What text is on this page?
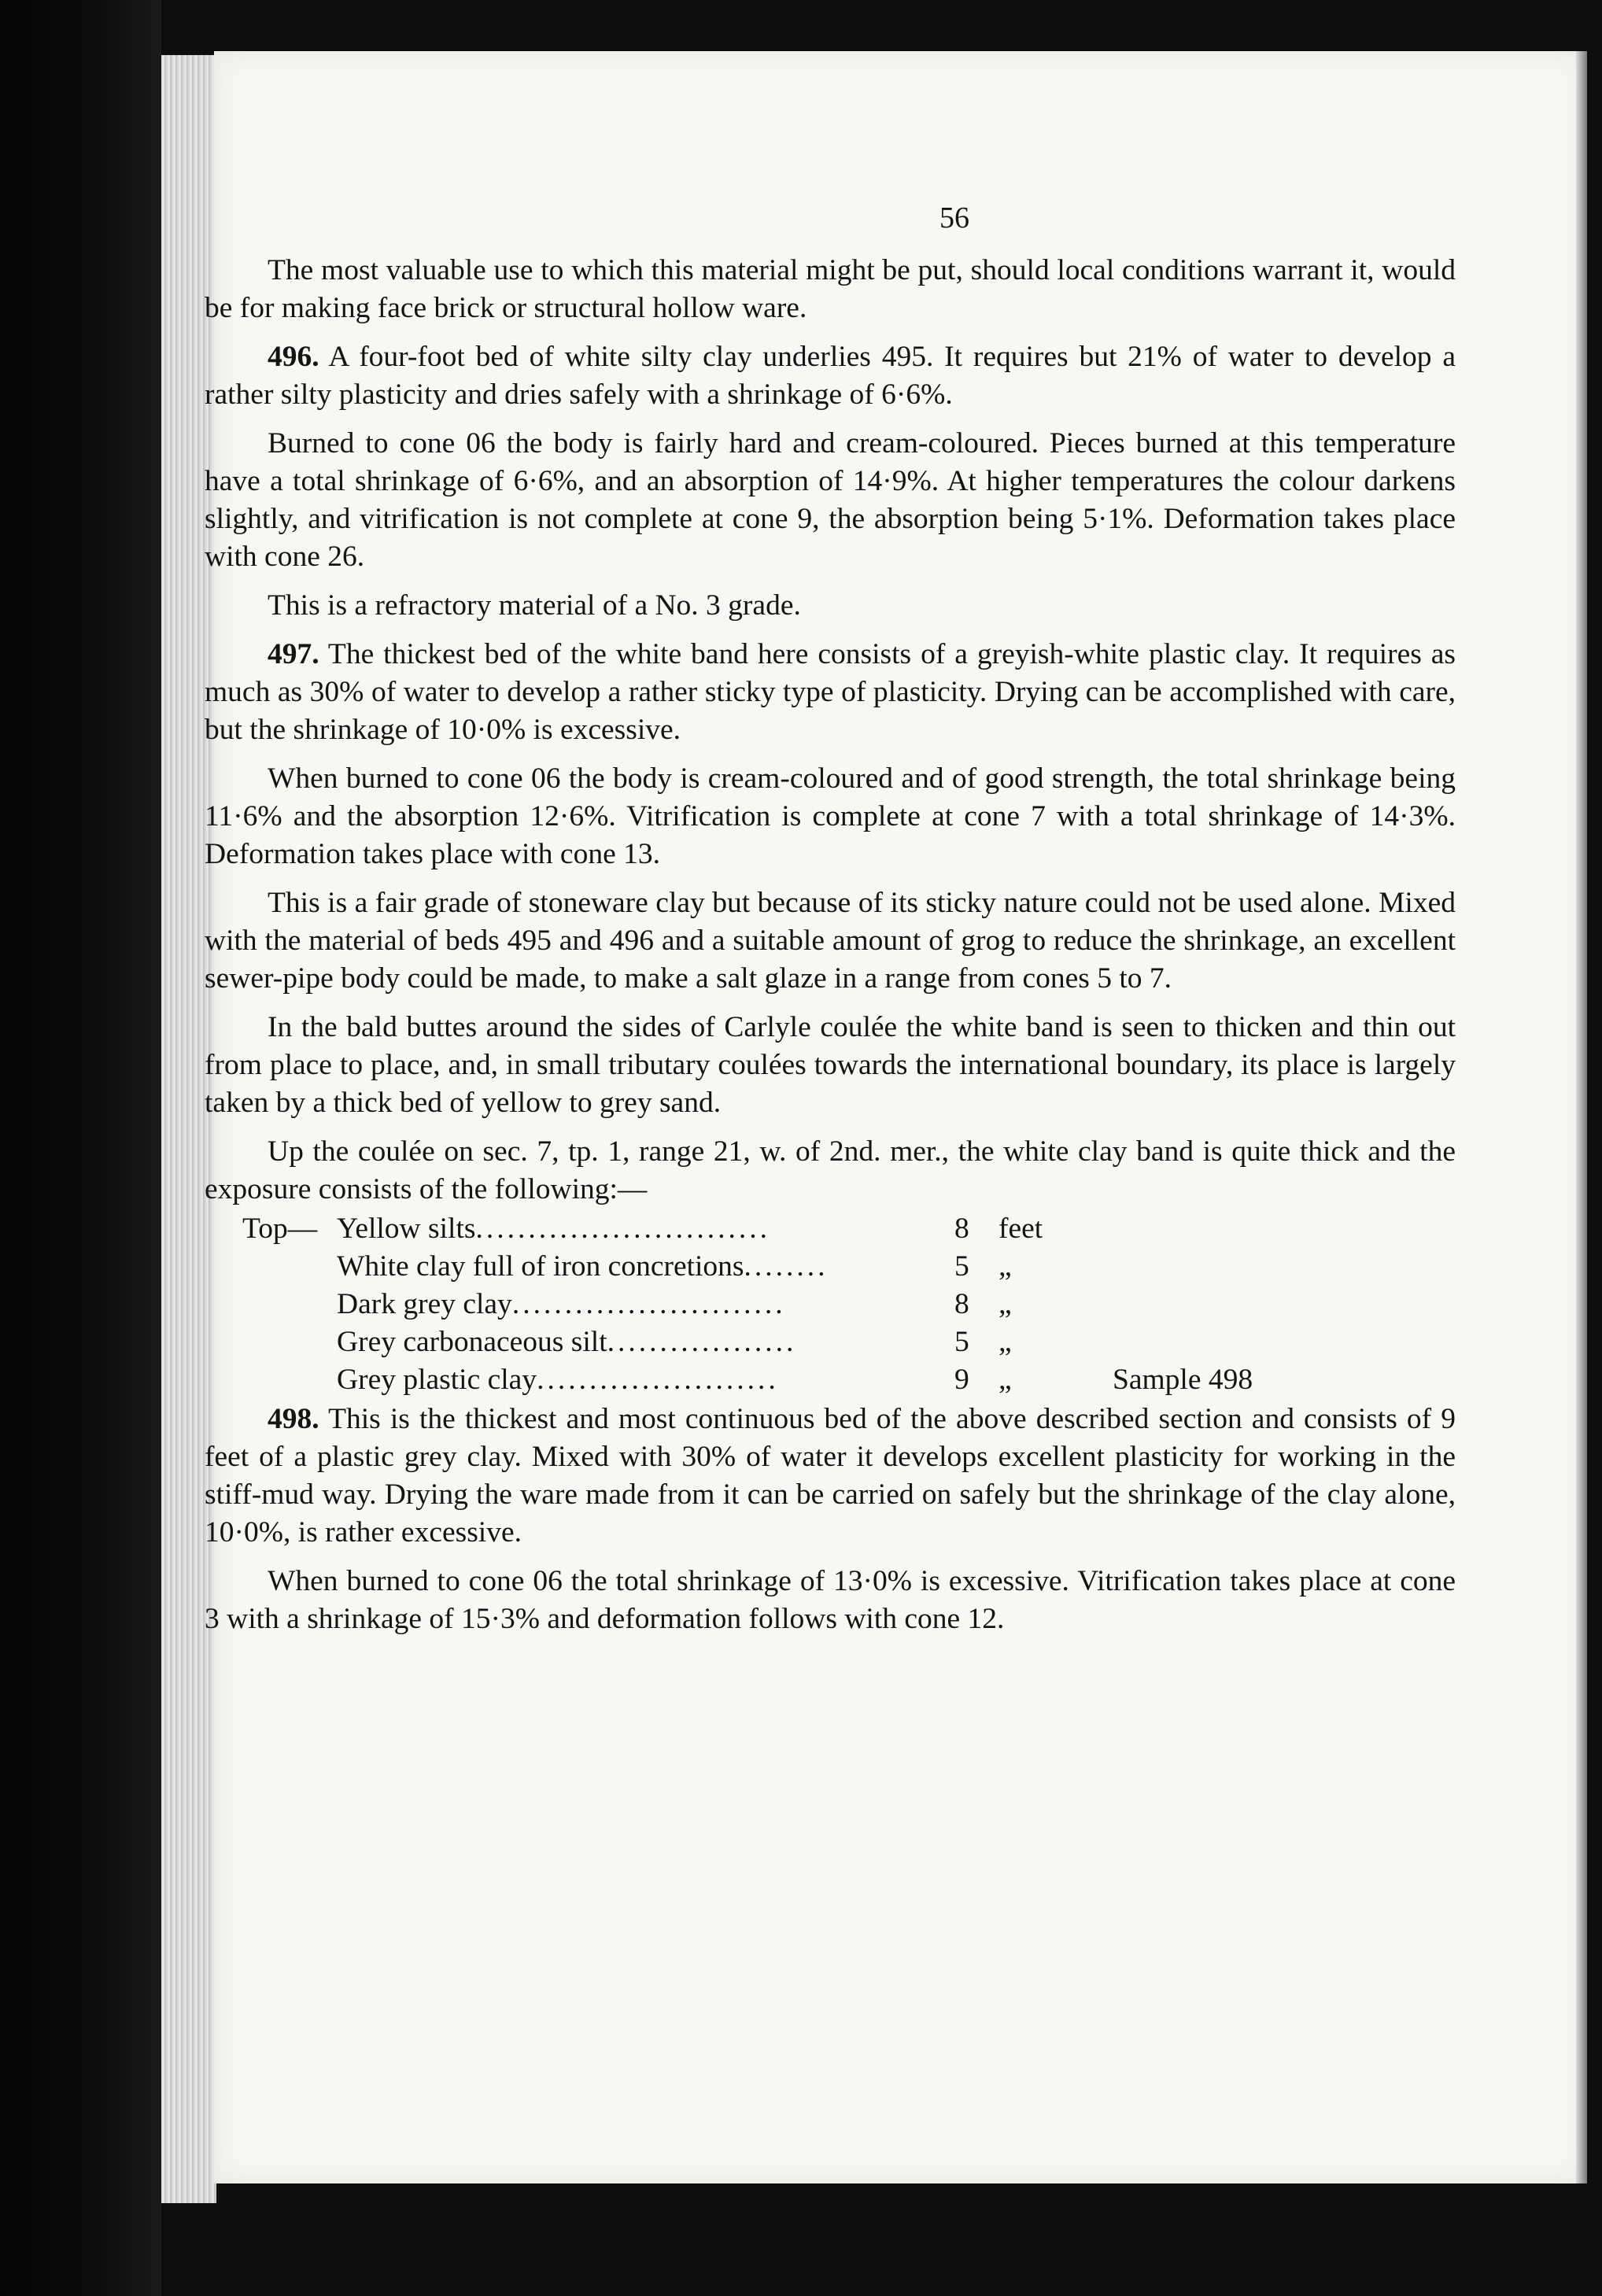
56

The most valuable use to which this material might be put, should local conditions warrant it, would be for making face brick or structural hollow ware.

496. A four-foot bed of white silty clay underlies 495. It requires but 21% of water to develop a rather silty plasticity and dries safely with a shrinkage of 6·6%.

Burned to cone 06 the body is fairly hard and cream-coloured. Pieces burned at this temperature have a total shrinkage of 6·6%, and an absorption of 14·9%. At higher temperatures the colour darkens slightly, and vitrification is not complete at cone 9, the absorption being 5·1%. Deformation takes place with cone 26.

This is a refractory material of a No. 3 grade.

497. The thickest bed of the white band here consists of a greyish-white plastic clay. It requires as much as 30% of water to develop a rather sticky type of plasticity. Drying can be accomplished with care, but the shrinkage of 10·0% is excessive.

When burned to cone 06 the body is cream-coloured and of good strength, the total shrinkage being 11·6% and the absorption 12·6%. Vitrification is complete at cone 7 with a total shrinkage of 14·3%. Deformation takes place with cone 13.

This is a fair grade of stoneware clay but because of its sticky nature could not be used alone. Mixed with the material of beds 495 and 496 and a suitable amount of grog to reduce the shrinkage, an excellent sewer-pipe body could be made, to make a salt glaze in a range from cones 5 to 7.

In the bald buttes around the sides of Carlyle coulée the white band is seen to thicken and thin out from place to place, and, in small tributary coulées towards the international boundary, its place is largely taken by a thick bed of yellow to grey sand.

Up the coulée on sec. 7, tp. 1, range 21, w. of 2nd. mer., the white clay band is quite thick and the exposure consists of the following:—

Top—	Yellow silts............................	8	feet	
	White clay full of iron concretions........	5	„	
	Dark grey clay..........................	8	„	
	Grey carbonaceous silt..................	5	„	
	Grey plastic clay.......................	9	„	Sample 498

498. This is the thickest and most continuous bed of the above described section and consists of 9 feet of a plastic grey clay. Mixed with 30% of water it develops excellent plasticity for working in the stiff-mud way. Drying the ware made from it can be carried on safely but the shrinkage of the clay alone, 10·0%, is rather excessive.

When burned to cone 06 the total shrinkage of 13·0% is excessive. Vitrification takes place at cone 3 with a shrinkage of 15·3% and deformation follows with cone 12.
